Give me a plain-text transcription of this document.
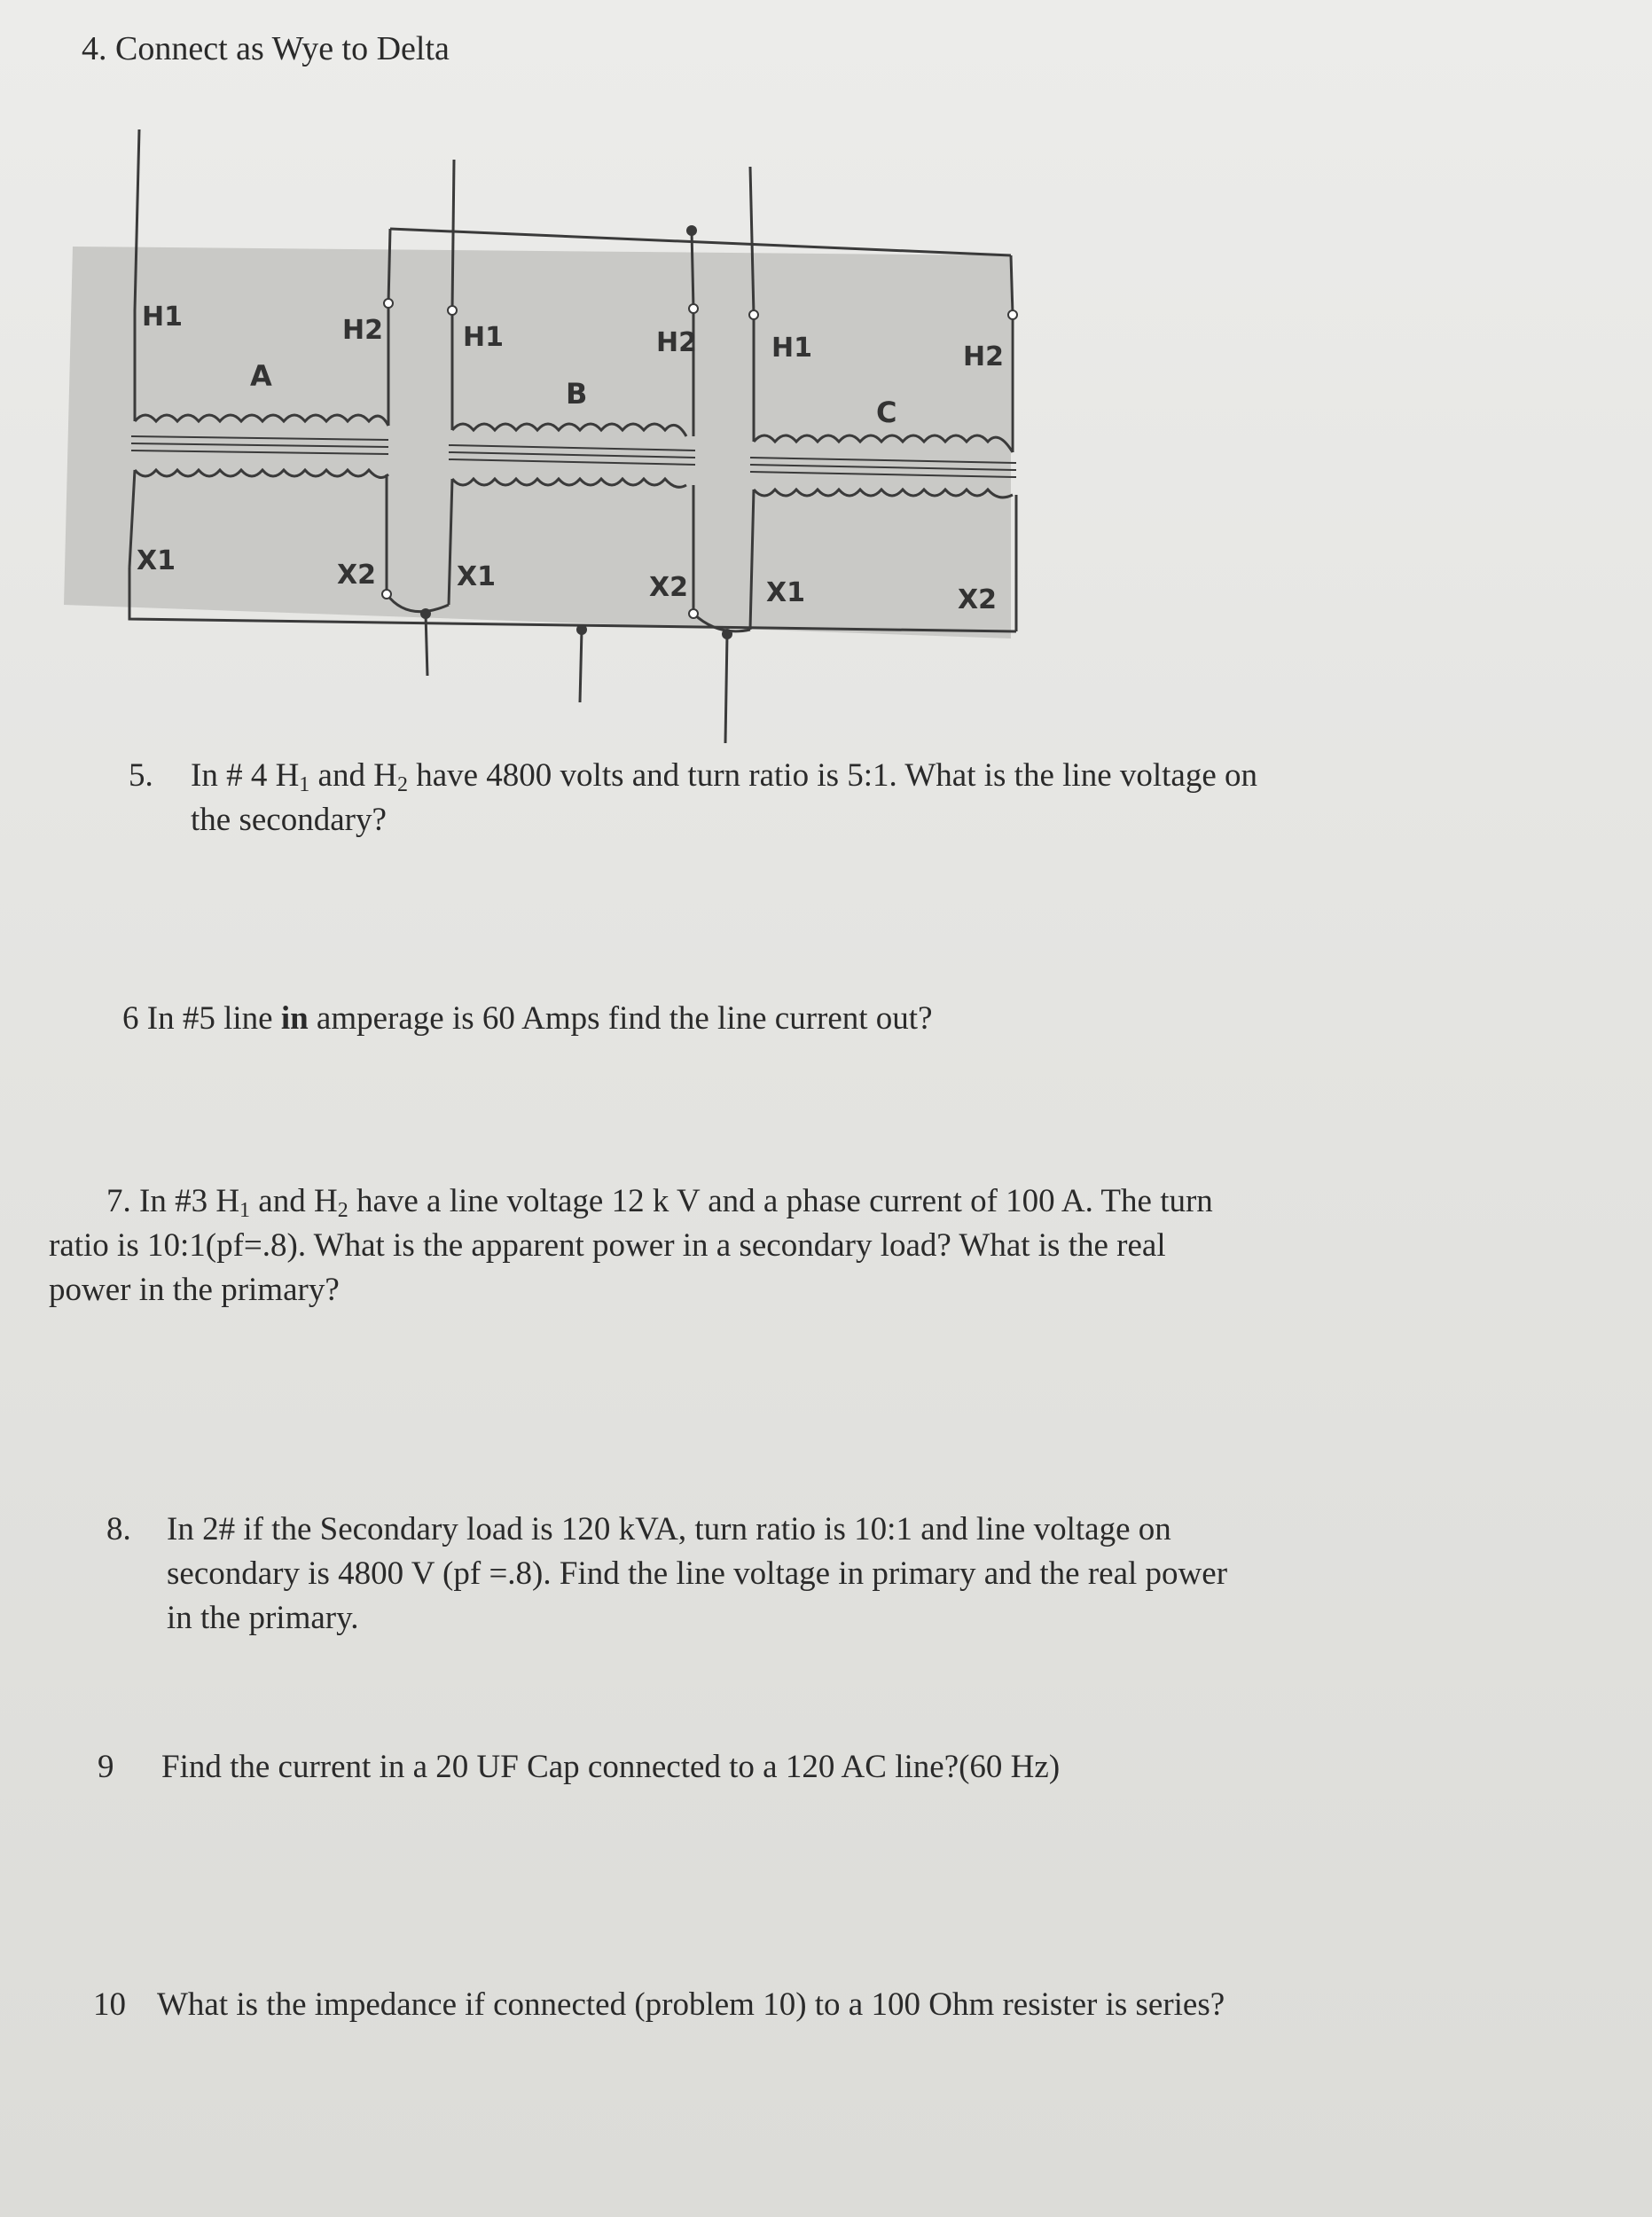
4. Connect as Wye to Delta

H1	H2
A
X1	X2
H1	H2
B
X1	X2
H1	H2
C
X1	X2
5. In # 4 $H_1$ and $H_2$ have 4800 volts and turn ratio is 5:1. What is the line voltage on
the secondary?
6 In #5 line in amperage is 60 Amps find the line current out?
7. In #3 $H_1$ and $H_2$ have a line voltage 12 k V and a phase current of 100 A. The turn
ratio is 10:1(pf=.8). What is the apparent power in a secondary load? What is the real
power in the primary?
8. In 2# if the Secondary load is 120 kVA, turn ratio is 10:1 and line voltage on
secondary is 4800 V (pf =.8). Find the line voltage in primary and the real power
in the primary.
9 Find the current in a 20 UF Cap connected to a 120 AC line?(60 Hz)
10 What is the impedance if connected (problem 10) to a 100 Ohm resister is series?
